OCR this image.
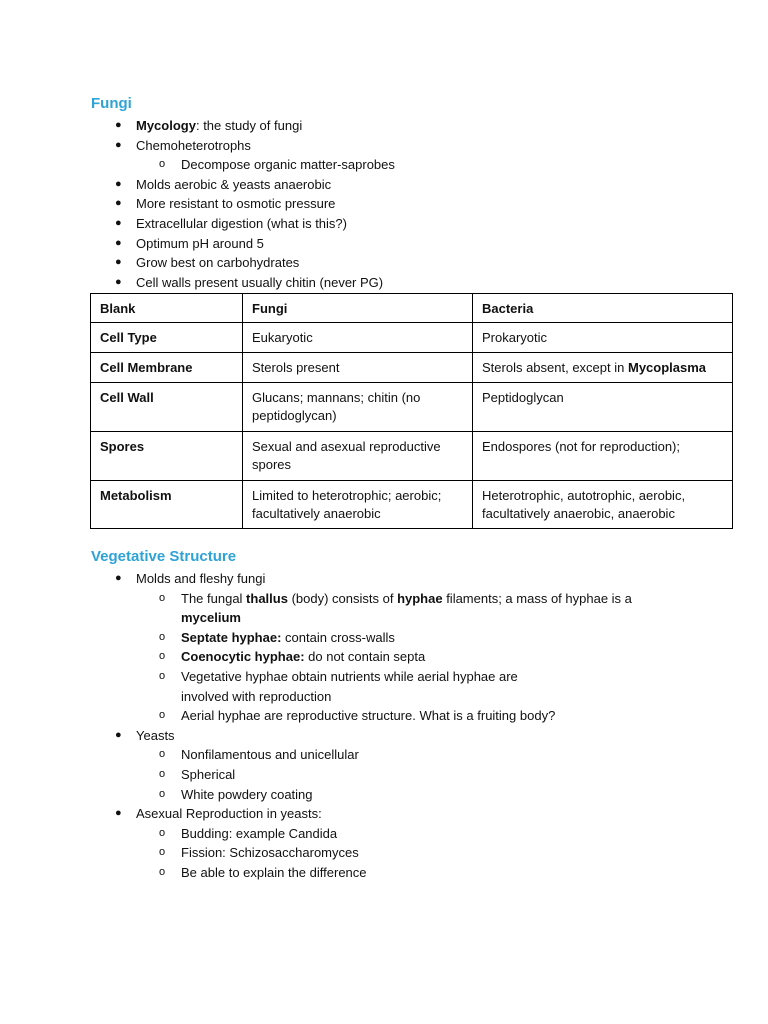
Fungi
● Mycology: the study of fungi
● Chemoheterotrophs
o Decompose organic matter-saprobes
● Molds aerobic & yeasts anaerobic
● More resistant to osmotic pressure
● Extracellular digestion (what is this?)
● Optimum pH around 5
● Grow best on carbohydrates
● Cell walls present usually chitin (never PG)
Blank	Fungi	Bacteria
Cell Type	Eukaryotic	Prokaryotic
Cell Membrane	Sterols present	Sterols absent, except in Mycoplasma
Cell Wall	Glucans; mannans; chitin (no peptidoglycan)	Peptidoglycan
Spores	Sexual and asexual reproductive spores	Endospores (not for reproduction);
Metabolism	Limited to heterotrophic; aerobic; facultatively anaerobic	Heterotrophic, autotrophic, aerobic, facultatively anaerobic, anaerobic
Vegetative Structure
● Molds and fleshy fungi
o The fungal thallus (body) consists of hyphae filaments; a mass of hyphae is a
mycelium
o Septate hyphae: contain cross-walls
o Coenocytic hyphae: do not contain septa
o Vegetative hyphae obtain nutrients while aerial hyphae are involved with reproduction
o Aerial hyphae are reproductive structure. What is a fruiting body?
● Yeasts
o Nonfilamentous and unicellular
o Spherical
o White powdery coating
● Asexual Reproduction in yeasts:
o Budding: example Candida
o Fission: Schizosaccharomyces
o Be able to explain the difference
